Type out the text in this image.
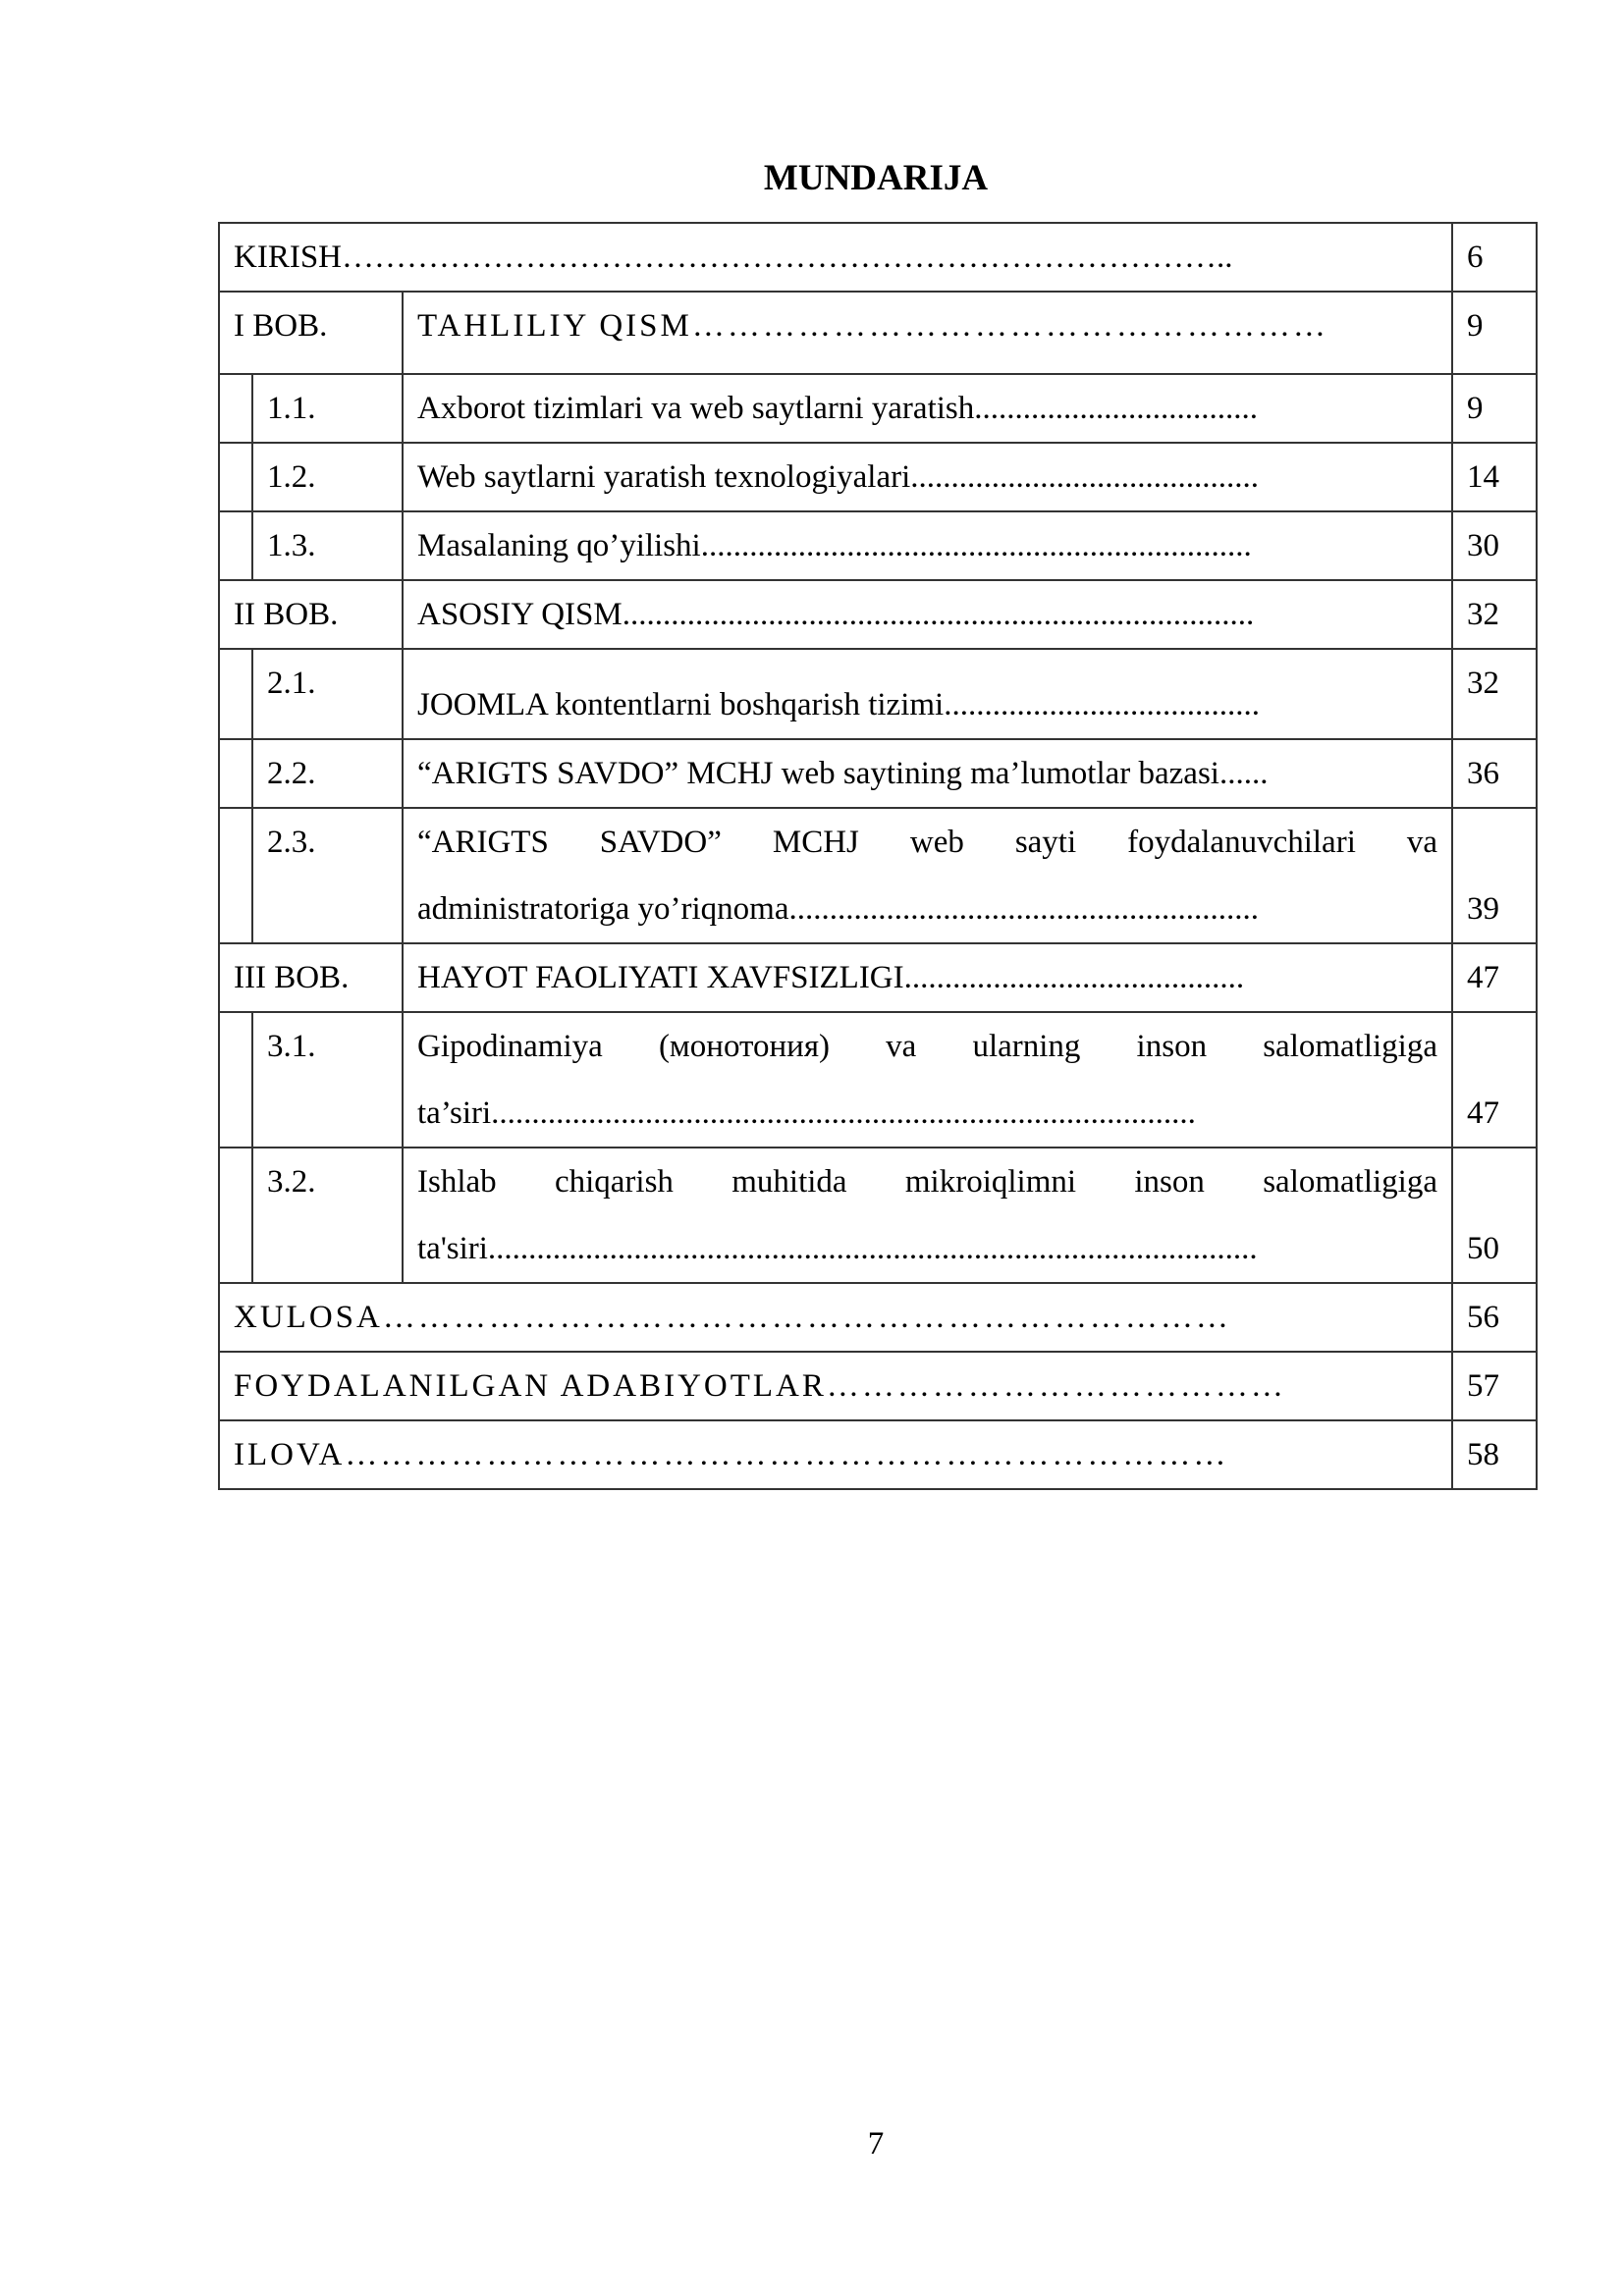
MUNDARIJA
KIRISH………………………………………………………………………..			6
I BOB.		TAHLILIY QISM………………………………………………	9
	1.1.	Axborot tizimlari va web saytlarni yaratish...................................	9
	1.2.	Web saytlarni yaratish texnologiyalari...........................................	14
	1.3.	Masalaning qo’yilishi....................................................................	30
II BOB.		ASOSIY QISM..............................................................................	32
	2.1.	JOOMLA kontentlarni boshqarish tizimi.......................................	32
	2.2.	“ARIGTS SAVDO” MCHJ web saytining ma’lumotlar bazasi......	36
	2.3.	“ARIGTS SAVDO” MCHJ web sayti foydalanuvchilari va
administratoriga yo’riqnoma..........................................................	39
III BOB.		HAYOT FAOLIYATI XAVFSIZLIGI..........................................	47
	3.1.	Gipodinamiya (монотония) va ularning inson salomatligiga
ta’siri.......................................................................................	47
	3.2.	Ishlab chiqarish muhitida mikroiqlimni inson salomatligiga
ta'siri...............................................................................................	50
XULOSA………………………………………………………………			56
FOYDALANILGAN ADABIYOTLAR…………………………………			57
ILOVA…………………………………………………………………			58
7
